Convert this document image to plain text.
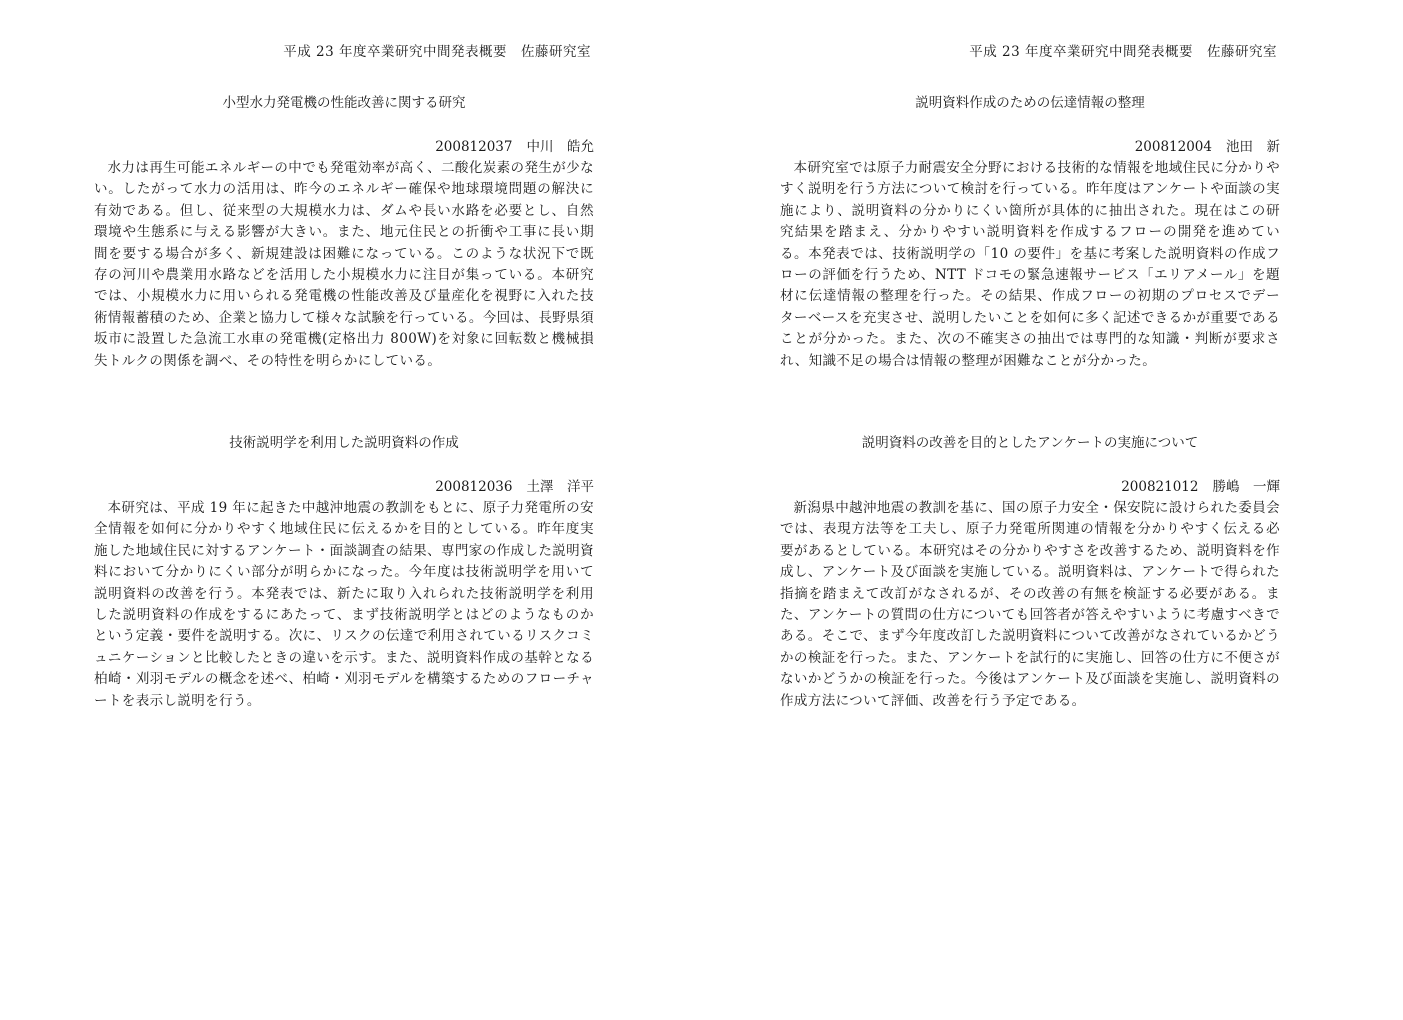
平成 23 年度卒業研究中間発表概要　佐藤研究室
小型水力発電機の性能改善に関する研究
200812037 中川　皓允

水力は再生可能エネルギーの中でも発電効率が高く、二酸化炭素の発生が少ない。したがって水力の活用は、昨今のエネルギー確保や地球環境問題の解決に有効である。但し、従来型の大規模水力は、ダムや長い水路を必要とし、自然環境や生態系に与える影響が大きい。また、地元住民との折衝や工事に長い期間を要する場合が多く、新規建設は困難になっている。このような状況下で既存の河川や農業用水路などを活用した小規模水力に注目が集っている。本研究では、小規模水力に用いられる発電機の性能改善及び量産化を視野に入れた技術情報蓄積のため、企業と協力して様々な試験を行っている。今回は、長野県須坂市に設置した急流工水車の発電機(定格出力 800W)を対象に回転数と機械損失トルクの関係を調べ、その特性を明らかにしている。

技術説明学を利用した説明資料の作成
200812036 土澤　洋平

本研究は、平成 19 年に起きた中越沖地震の教訓をもとに、原子力発電所の安全情報を如何に分かりやすく地域住民に伝えるかを目的としている。昨年度実施した地域住民に対するアンケート・面談調査の結果、専門家の作成した説明資料において分かりにくい部分が明らかになった。今年度は技術説明学を用いて説明資料の改善を行う。本発表では、新たに取り入れられた技術説明学を利用した説明資料の作成をするにあたって、まず技術説明学とはどのようなものかという定義・要件を説明する。次に、リスクの伝達で利用されているリスクコミュニケーションと比較したときの違いを示す。また、説明資料作成の基幹となる柏崎・刈羽モデルの概念を述べ、柏崎・刈羽モデルを構築するためのフローチャートを表示し説明を行う。

平成 23 年度卒業研究中間発表概要　佐藤研究室
説明資料作成のための伝達情報の整理
200812004 池田　新

本研究室では原子力耐震安全分野における技術的な情報を地域住民に分かりやすく説明を行う方法について検討を行っている。昨年度はアンケートや面談の実施により、説明資料の分かりにくい箇所が具体的に抽出された。現在はこの研究結果を踏まえ、分かりやすい説明資料を作成するフローの開発を進めている。本発表では、技術説明学の「10 の要件」を基に考案した説明資料の作成フローの評価を行うため、NTT ドコモの緊急速報サービス「エリアメール」を題材に伝達情報の整理を行った。その結果、作成フローの初期のプロセスでデーターベースを充実させ、説明したいことを如何に多く記述できるかが重要であることが分かった。また、次の不確実さの抽出では専門的な知識・判断が要求され、知識不足の場合は情報の整理が困難なことが分かった。

説明資料の改善を目的としたアンケートの実施について
200821012 勝嶋　一輝

新潟県中越沖地震の教訓を基に、国の原子力安全・保安院に設けられた委員会では、表現方法等を工夫し、原子力発電所関連の情報を分かりやすく伝える必要があるとしている。本研究はその分かりやすさを改善するため、説明資料を作成し、アンケート及び面談を実施している。説明資料は、アンケートで得られた指摘を踏まえて改訂がなされるが、その改善の有無を検証する必要がある。また、アンケートの質問の仕方についても回答者が答えやすいように考慮すべきである。そこで、まず今年度改訂した説明資料について改善がなされているかどうかの検証を行った。また、アンケートを試行的に実施し、回答の仕方に不便さがないかどうかの検証を行った。今後はアンケート及び面談を実施し、説明資料の作成方法について評価、改善を行う予定である。
